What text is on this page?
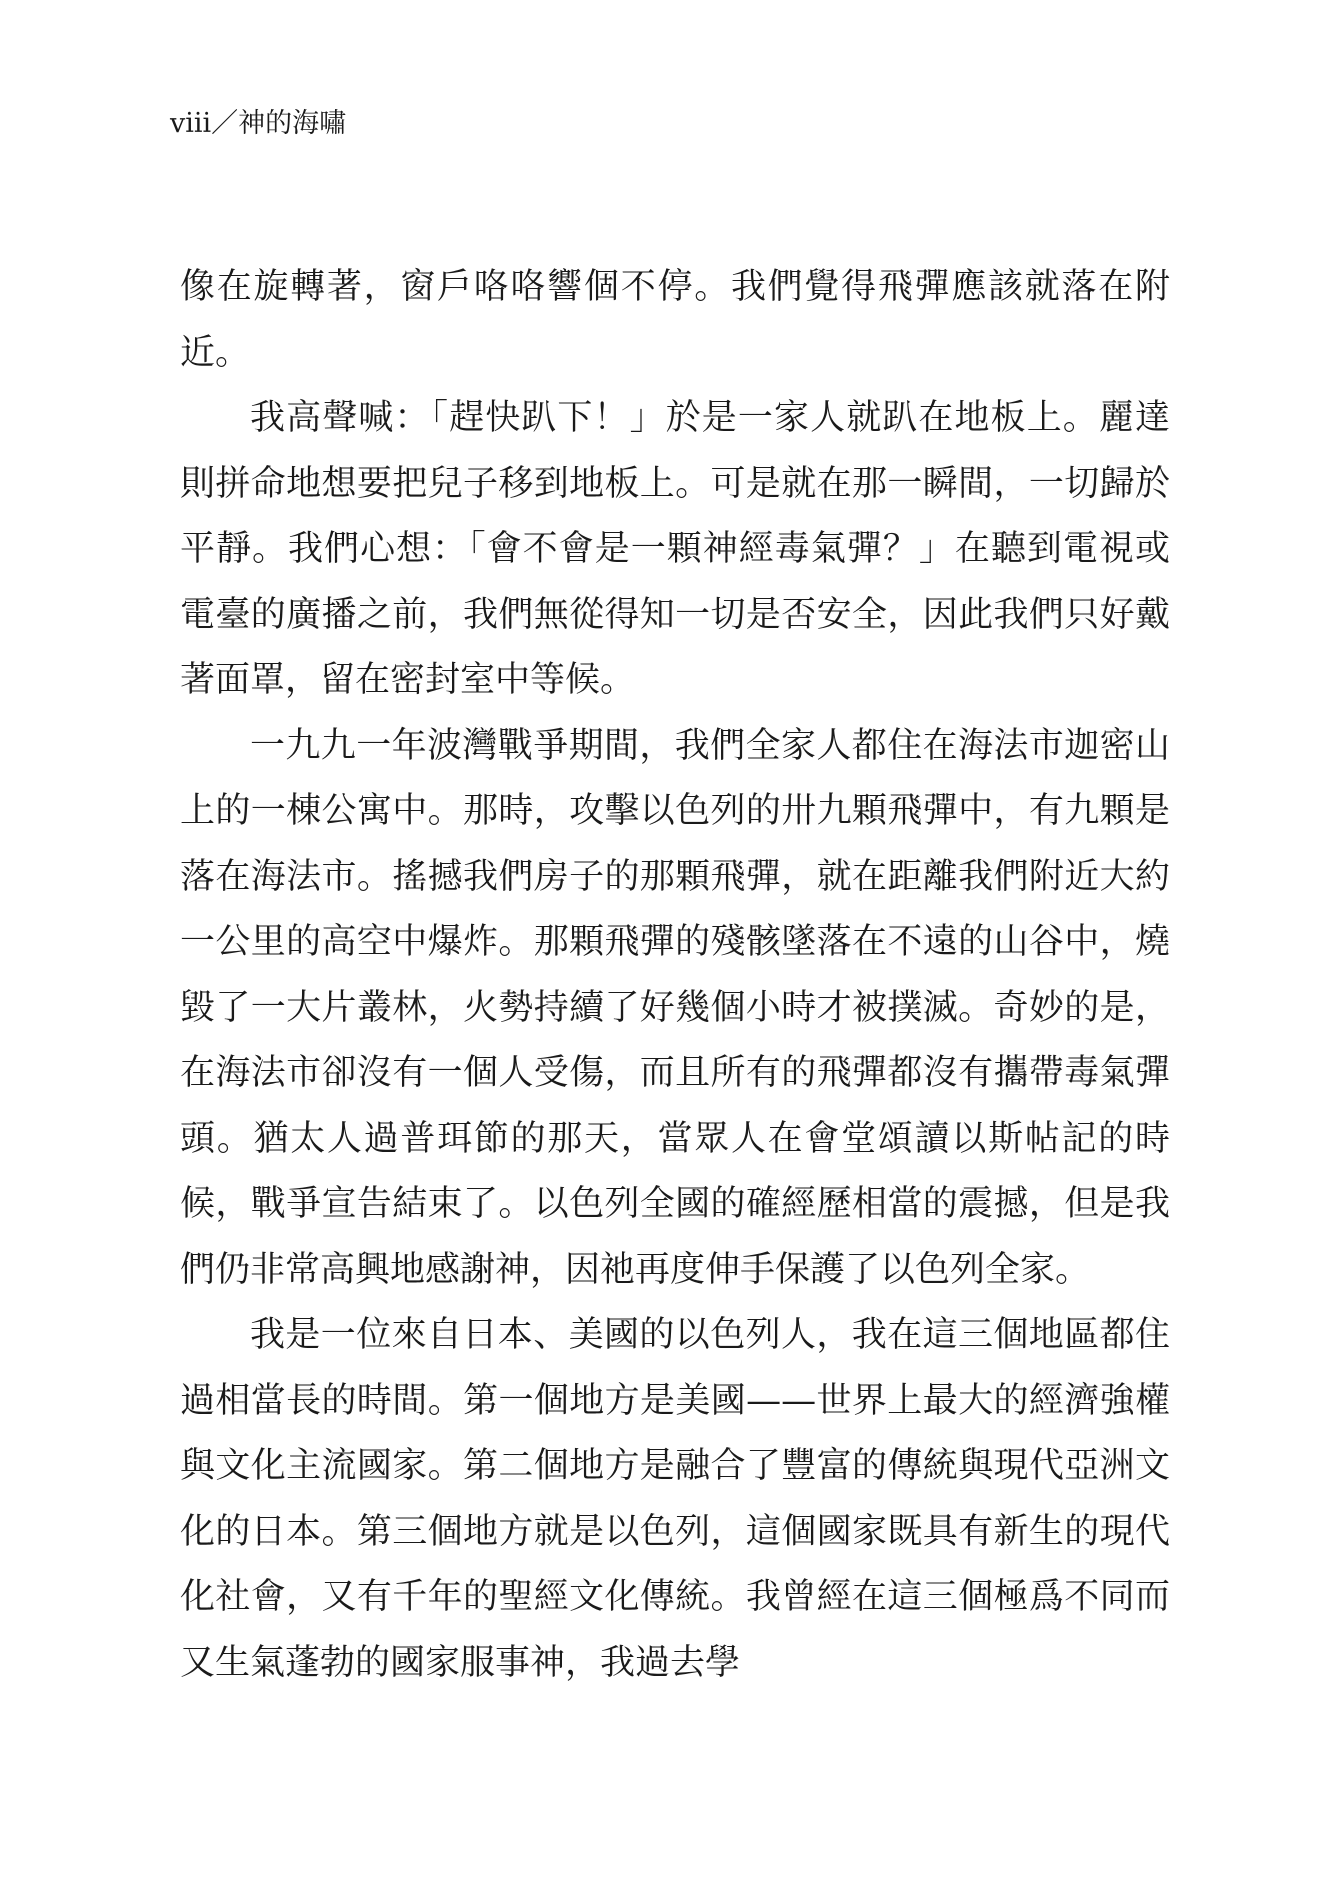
viii／神的海嘯

像在旋轉著，窗戶咯咯響個不停。我們覺得飛彈應該就落在附近。

我高聲喊：「趕快趴下！」於是一家人就趴在地板上。麗達則拼命地想要把兒子移到地板上。可是就在那一瞬間，一切歸於平靜。我們心想：「會不會是一顆神經毒氣彈？」在聽到電視或電臺的廣播之前，我們無從得知一切是否安全，因此我們只好戴著面罩，留在密封室中等候。

一九九一年波灣戰爭期間，我們全家人都住在海法市迦密山上的一棟公寓中。那時，攻擊以色列的卅九顆飛彈中，有九顆是落在海法市。搖撼我們房子的那顆飛彈，就在距離我們附近大約一公里的高空中爆炸。那顆飛彈的殘骸墜落在不遠的山谷中，燒毀了一大片叢林，火勢持續了好幾個小時才被撲滅。奇妙的是，在海法市卻沒有一個人受傷，而且所有的飛彈都沒有攜帶毒氣彈頭。猶太人過普珥節的那天，當眾人在會堂頌讀以斯帖記的時候，戰爭宣告結束了。以色列全國的確經歷相當的震撼，但是我們仍非常高興地感謝神，因祂再度伸手保護了以色列全家。

我是一位來自日本、美國的以色列人，我在這三個地區都住過相當長的時間。第一個地方是美國——世界上最大的經濟強權與文化主流國家。第二個地方是融合了豐富的傳統與現代亞洲文化的日本。第三個地方就是以色列，這個國家既具有新生的現代化社會，又有千年的聖經文化傳統。我曾經在這三個極爲不同而又生氣蓬勃的國家服事神，我過去學
